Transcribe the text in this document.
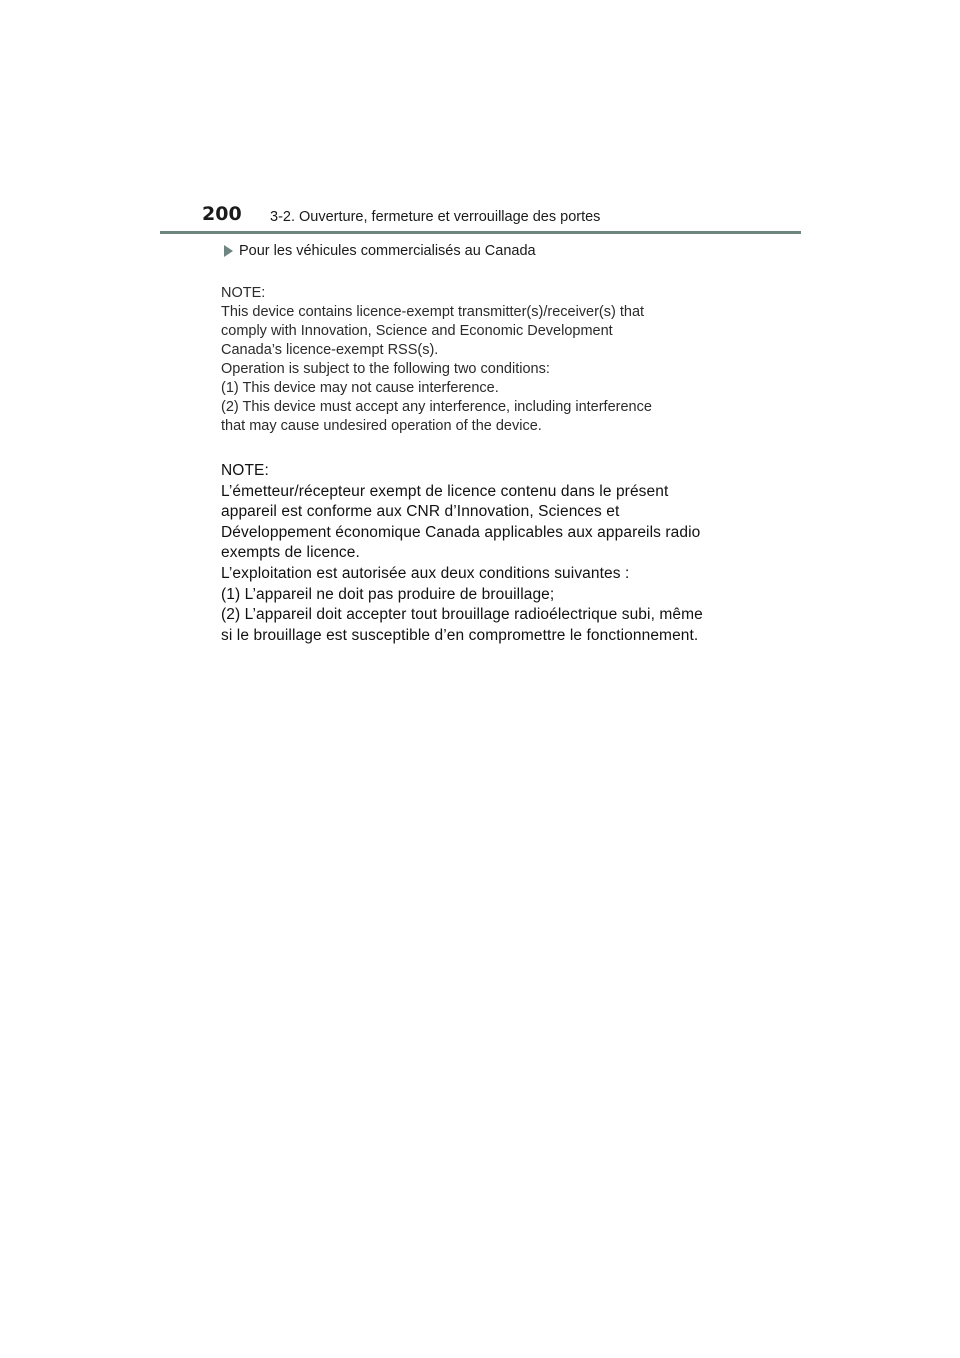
200 3-2. Ouverture, fermeture et verrouillage des portes
Pour les véhicules commercialisés au Canada
NOTE:
This device contains licence-exempt transmitter(s)/receiver(s) that
comply with Innovation, Science and Economic Development
Canada’s licence-exempt RSS(s).
Operation is subject to the following two conditions:
(1) This device may not cause interference.
(2) This device must accept any interference, including interference
that may cause undesired operation of the device.
NOTE:
L’émetteur/récepteur exempt de licence contenu dans le présent
appareil est conforme aux CNR d’Innovation, Sciences et
Développement économique Canada applicables aux appareils radio
exempts de licence.
L’exploitation est autorisée aux deux conditions suivantes :
(1) L’appareil ne doit pas produire de brouillage;
(2) L’appareil doit accepter tout brouillage radioélectrique subi, même
si le brouillage est susceptible d’en compromettre le fonctionnement.
